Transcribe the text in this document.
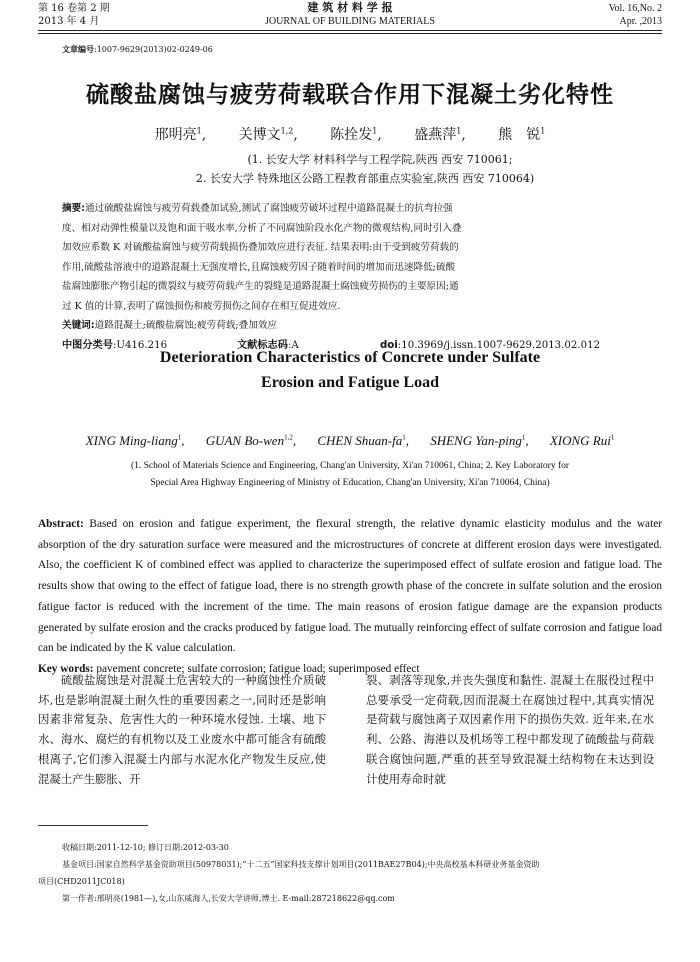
第 16 卷第 2 期
2013 年 4 月
建 筑 材 料 学 报
JOURNAL OF BUILDING MATERIALS
Vol. 16,No. 2
Apr. ,2013
文章编号:1007-9629(2013)02-0249-06
硫酸盐腐蚀与疲劳荷载联合作用下混凝土劣化特性
邢明亮$^1$, 关博文$^{1,2}$, 陈拴发$^1$, 盛燕萍$^1$, 熊　锐$^1$
(1. 长安大学 材料科学与工程学院,陕西 西安 710061;
2. 长安大学 特殊地区公路工程教育部重点实验室,陕西 西安 710064)
摘要:通过硫酸盐腐蚀与疲劳荷载叠加试验,测试了腐蚀疲劳破坏过程中道路混凝土的抗弯拉强
度、相对动弹性模量以及饱和面干吸水率,分析了不同腐蚀阶段水化产物的微观结构,同时引入叠
加效应系数 K 对硫酸盐腐蚀与疲劳荷载损伤叠加效应进行表征. 结果表明:由于受到疲劳荷载的
作用,硫酸盐溶液中的道路混凝土无强度增长,且腐蚀疲劳因子随着时间的增加而迅速降低;硫酸
盐腐蚀膨胀产物引起的微裂纹与疲劳荷载产生的裂缝是道路混凝土腐蚀疲劳损伤的主要原因;通
过 K 值的计算,表明了腐蚀损伤和疲劳损伤之间存在相互促进效应.
关键词:道路混凝土;硫酸盐腐蚀;疲劳荷载;叠加效应
中图分类号:U416.216	文献标志码:A	doi:10.3969/j.issn.1007-9629.2013.02.012
Deterioration Characteristics of Concrete under Sulfate
Erosion and Fatigue Load
XING Ming-liang$^1$, GUAN Bo-wen$^{1,2}$, CHEN Shuan-$fa^1$, SHENG Yan-ping$^1$, XIONG Rui$^1$
(1. School of Materials Science and Engineering, Chang'an University, Xi'an 710061, China; 2. Key Laboratory for
Special Area Highway Engineering of Ministry of Education, Chang'an University, Xi'an 710064, China)
Abstract: Based on erosion and fatigue experiment, the flexural strength, the relative dynamic elasticity modulus and the water absorption of the dry saturation surface were measured and the microstructures of concrete at different erosion days were investigated. Also, the coefficient K of combined effect was applied to characterize the superimposed effect of sulfate erosion and fatigue load. The results show that owing to the effect of fatigue load, there is no strength growth phase of the concrete in sulfate solution and the erosion fatigue factor is reduced with the increment of the time. The main reasons of erosion fatigue damage are the expansion products generated by sulfate erosion and the cracks produced by fatigue load. The mutually reinforcing effect of sulfate corrosion and fatigue load can be indicated by the K value calculation.
Key words: pavement concrete; sulfate corrosion; fatigue load; superimposed effect

硫酸盐腐蚀是对混凝土危害较大的一种腐蚀性介质破坏,也是影响混凝土耐久性的重要因素之一,同时还是影响因素非常复杂、危害性大的一种环境水侵蚀. 土壤、地下水、海水、腐烂的有机物以及工业废水中都可能含有硫酸根离子,它们渗入混凝土内部与水泥水化产物发生反应,使混凝土产生膨胀、开

裂、剥落等现象,并丧失强度和黏性. 混凝土在服役过程中总要承受一定荷载,因而混凝土在腐蚀过程中,其真实情况是荷载与腐蚀离子双因素作用下的损伤失效. 近年来,在水利、公路、海港以及机场等工程中都发现了硫酸盐与荷载联合腐蚀问题,严重的甚至导致混凝土结构物在未达到设计使用寿命时就

收稿日期:2011-12-10; 修订日期:2012-03-30
基金项目:国家自然科学基金资助项目(50978031);“十二五”国家科技支撑计划项目(2011BAE27B04);中央高校基本科研业务基金资助
项目(CHD2011JC018)
第一作者:邢明亮(1981—),女,山东威海人,长安大学讲师,博士. E-mail:287218622@qq.com
